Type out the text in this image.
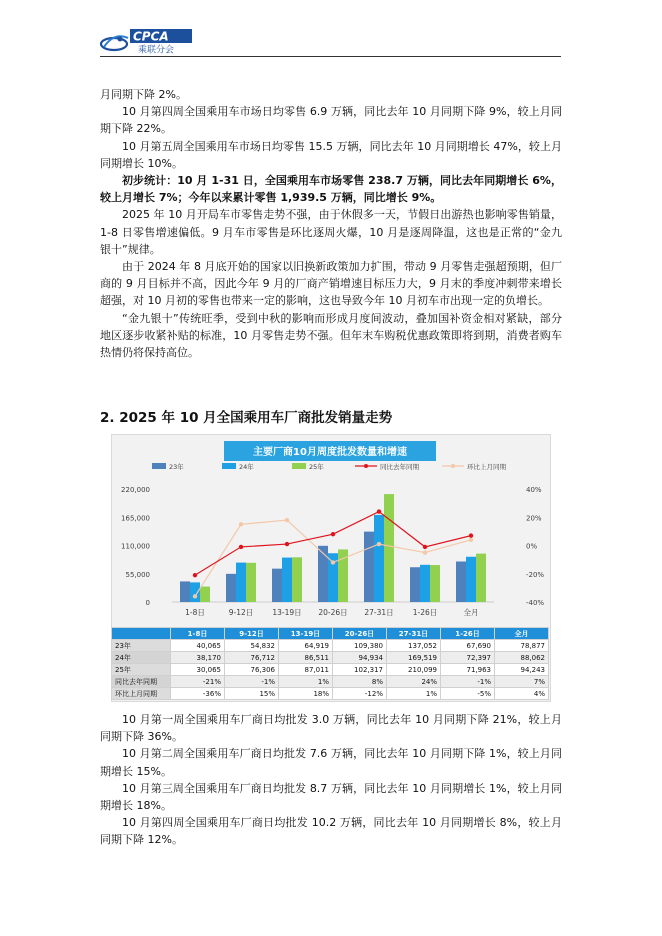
CPCA
乘联分会

月同期下降 2%。

10 月第四周全国乘用车市场日均零售 6.9 万辆，同比去年 10 月同期下降 9%，较上月同期下降 22%。

10 月第五周全国乘用车市场日均零售 15.5 万辆，同比去年 10 月同期增长 47%，较上月同期增长 10%。

初步统计：10 月 1-31 日，全国乘用车市场零售 238.7 万辆，同比去年同期增长 6%，较上月增长 7%；今年以来累计零售 1,939.5 万辆，同比增长 9%。

2025 年 10 月开局车市零售走势不强，由于休假多一天，节假日出游热也影响零售销量，1-8 日零售增速偏低。9 月车市零售是环比逐周火爆，10 月是逐周降温，这也是正常的“金九银十”规律。

由于 2024 年 8 月底开始的国家以旧换新政策加力扩围，带动 9 月零售走强超预期，但厂商的 9 月目标并不高，因此今年 9 月的厂商产销增速目标压力大，9 月末的季度冲刺带来增长超强，对 10 月初的零售也带来一定的影响，这也导致今年 10 月初车市出现一定的负增长。

“金九银十”传统旺季，受到中秋的影响而形成月度间波动，叠加国补资金相对紧缺，部分地区逐步收紧补贴的标准，10 月零售走势不强。但年末车购税优惠政策即将到期，消费者购车热情仍将保持高位。

2. 2025 年 10 月全国乘用车厂商批发销量走势
主要厂商10月周度批发数量和增速
0
55,000
110,000
165,000
220,000
-40%
-20%
0%
20%
40%
1-8日	9-12日	13-19日 20-26日 27-31日	1-26日	全月
23年	24年	25年	同比去年同期	环比上月同期
	1-8日	9-12日	13-19日	20-26日	27-31日	1-26日	全月
23年	40,065	54,832	64,919	109,380	137,052	67,690	78,877
24年	38,170	76,712	86,511	94,934	169,519	72,397	88,062
25年	30,065	76,306	87,011	102,317	210,099	71,963	94,243
同比去年同期	-21%	-1%	1%	8%	24%	-1%	7%
环比上月同期	-36%	15%	18%	-12%	1%	-5%	4%

10 月第一周全国乘用车厂商日均批发 3.0 万辆，同比去年 10 月同期下降 21%，较上月同期下降 36%。

10 月第二周全国乘用车厂商日均批发 7.6 万辆，同比去年 10 月同期下降 1%，较上月同期增长 15%。

10 月第三周全国乘用车厂商日均批发 8.7 万辆，同比去年 10 月同期增长 1%，较上月同期增长 18%。

10 月第四周全国乘用车厂商日均批发 10.2 万辆，同比去年 10 月同期增长 8%，较上月同期下降 12%。
